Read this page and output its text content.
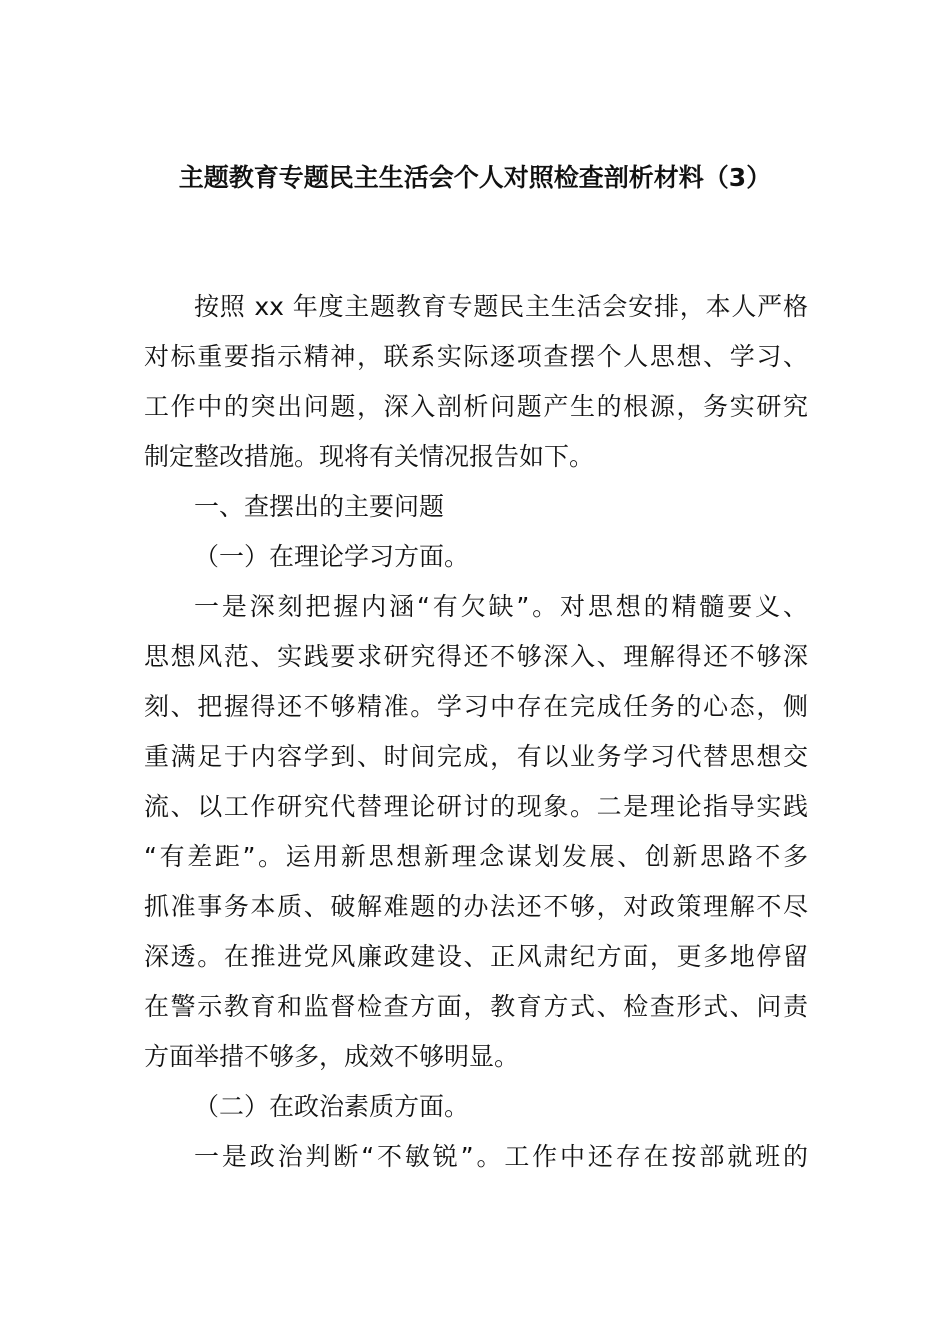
主题教育专题民主生活会个人对照检查剖析材料（3）
按照 xx 年度主题教育专题民主生活会安排，本人严格
对标重要指示精神，联系实际逐项查摆个人思想、学习、
工作中的突出问题，深入剖析问题产生的根源，务实研究
制定整改措施。现将有关情况报告如下。
一、查摆出的主要问题
（一）在理论学习方面。
一是深刻把握内涵“有欠缺”。对思想的精髓要义、
思想风范、实践要求研究得还不够深入、理解得还不够深
刻、把握得还不够精准。学习中存在完成任务的心态，侧
重满足于内容学到、时间完成，有以业务学习代替思想交
流、以工作研究代替理论研讨的现象。二是理论指导实践
“有差距”。运用新思想新理念谋划发展、创新思路不多
抓准事务本质、破解难题的办法还不够，对政策理解不尽
深透。在推进党风廉政建设、正风肃纪方面，更多地停留
在警示教育和监督检查方面，教育方式、检查形式、问责
方面举措不够多，成效不够明显。
（二）在政治素质方面。
一是政治判断“不敏锐”。工作中还存在按部就班的
